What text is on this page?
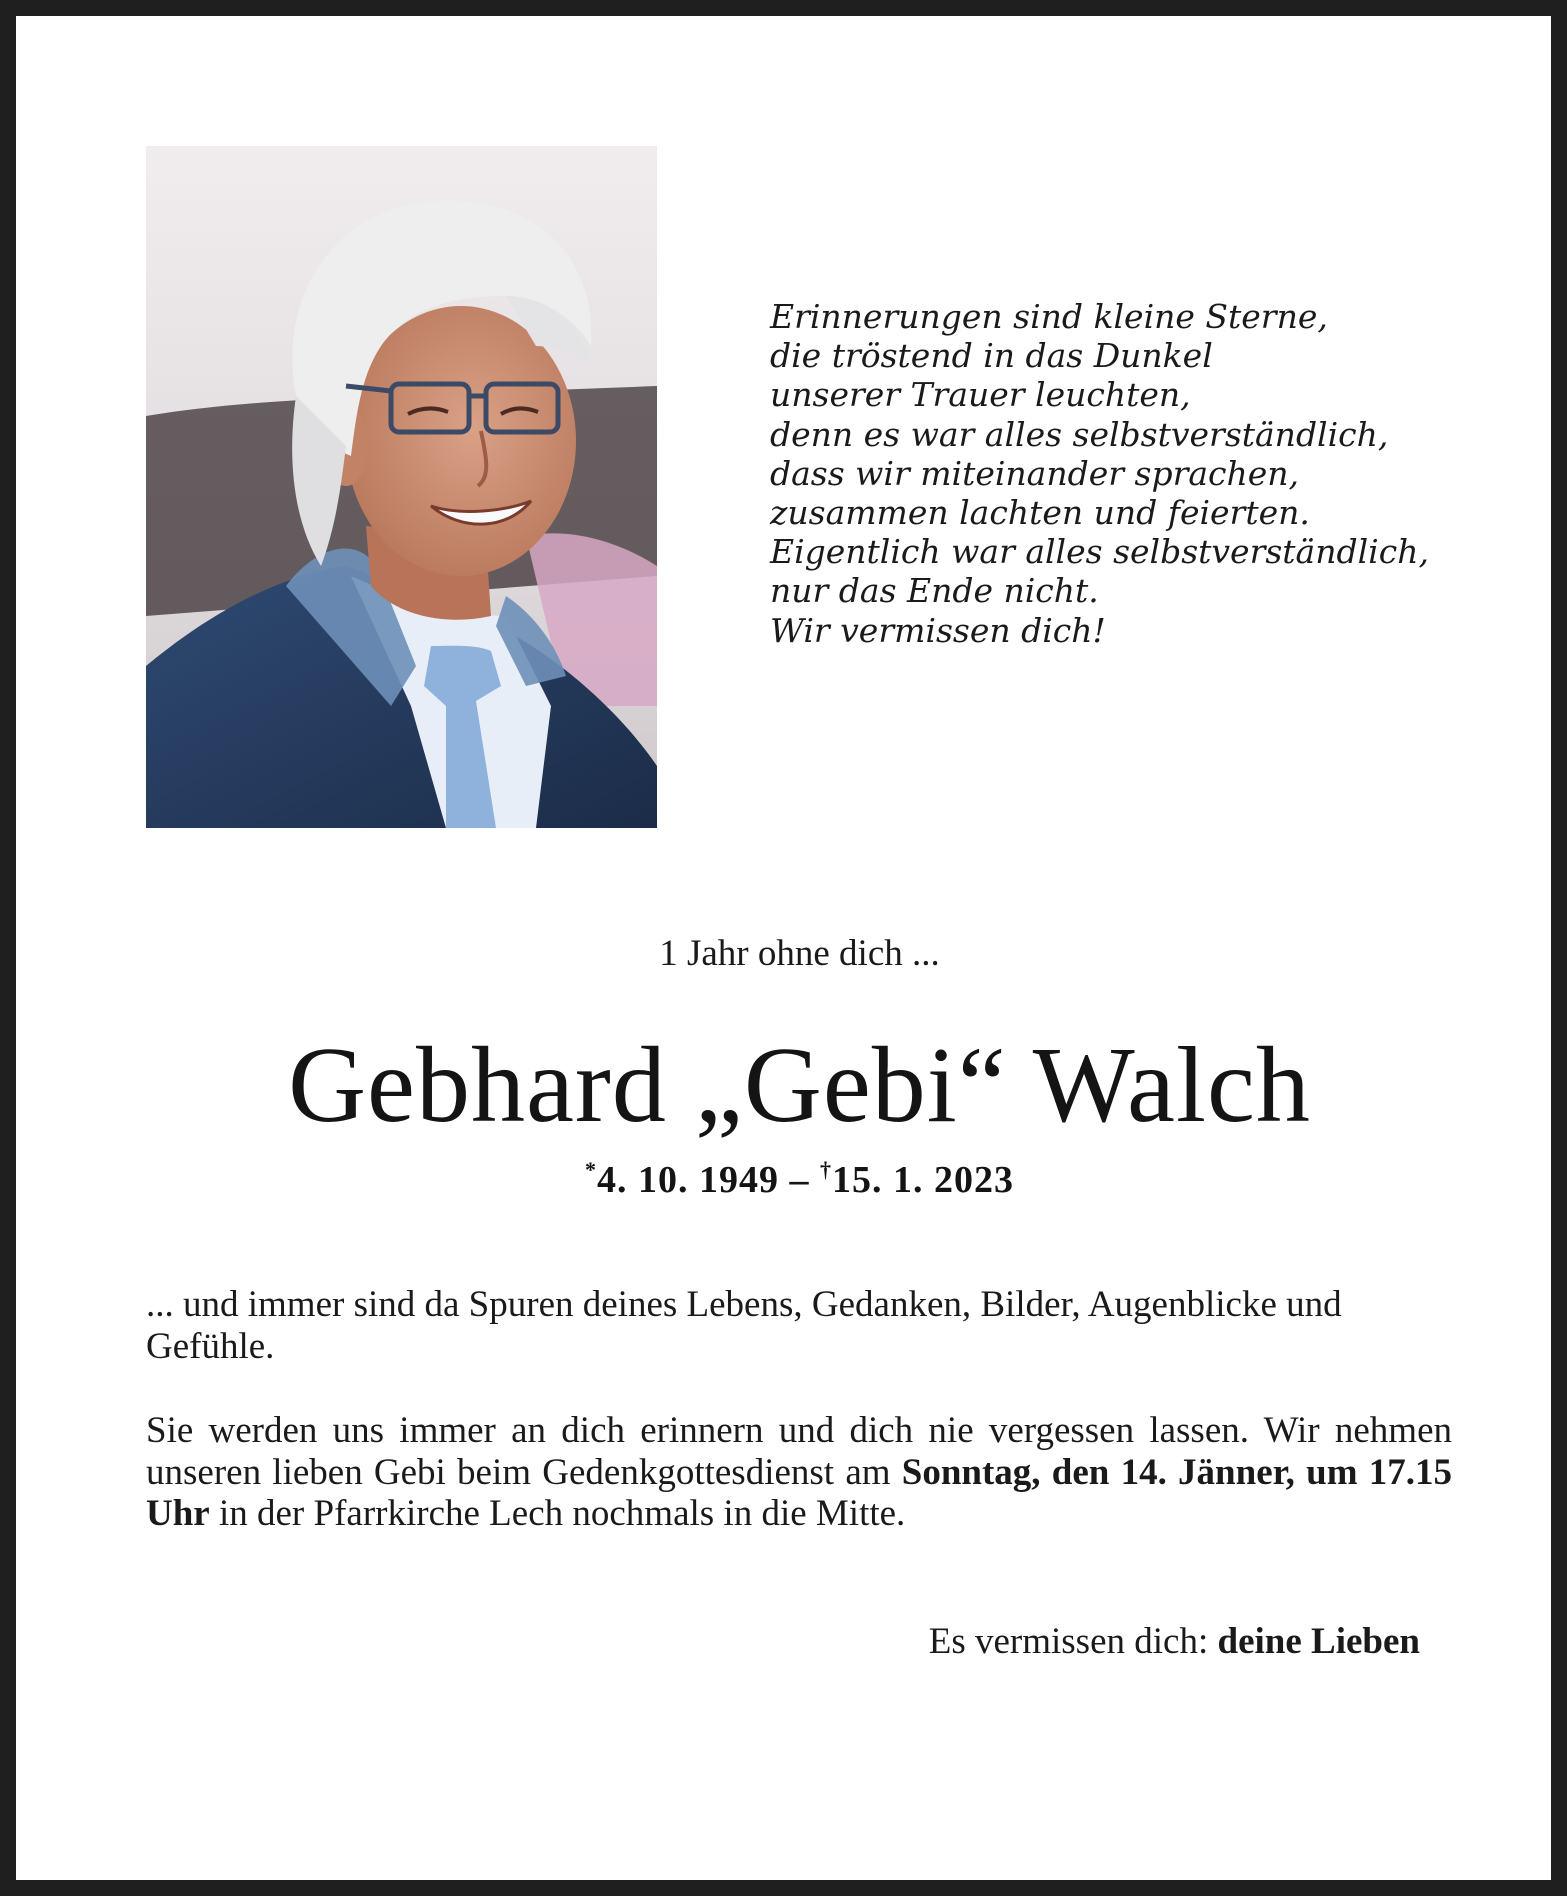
Erinnerungen sind kleine Sterne,
die tröstend in das Dunkel
unserer Trauer leuchten,
denn es war alles selbstverständlich,
dass wir miteinander sprachen,
zusammen lachten und feierten.
Eigentlich war alles selbstverständlich,
nur das Ende nicht.
Wir vermissen dich!
1 Jahr ohne dich ...
Gebhard „Gebi“ Walch
*4. 10. 1949 – †15. 1. 2023
... und immer sind da Spuren deines Lebens, Gedanken, Bilder, Augenblicke und Gefühle.
Sie werden uns immer an dich erinnern und dich nie vergessen lassen. Wir nehmen unseren lieben Gebi beim Gedenkgottesdienst am Sonntag, den 14. Jänner, um 17.15 Uhr in der Pfarrkirche Lech nochmals in die Mitte.
Es vermissen dich: deine Lieben
